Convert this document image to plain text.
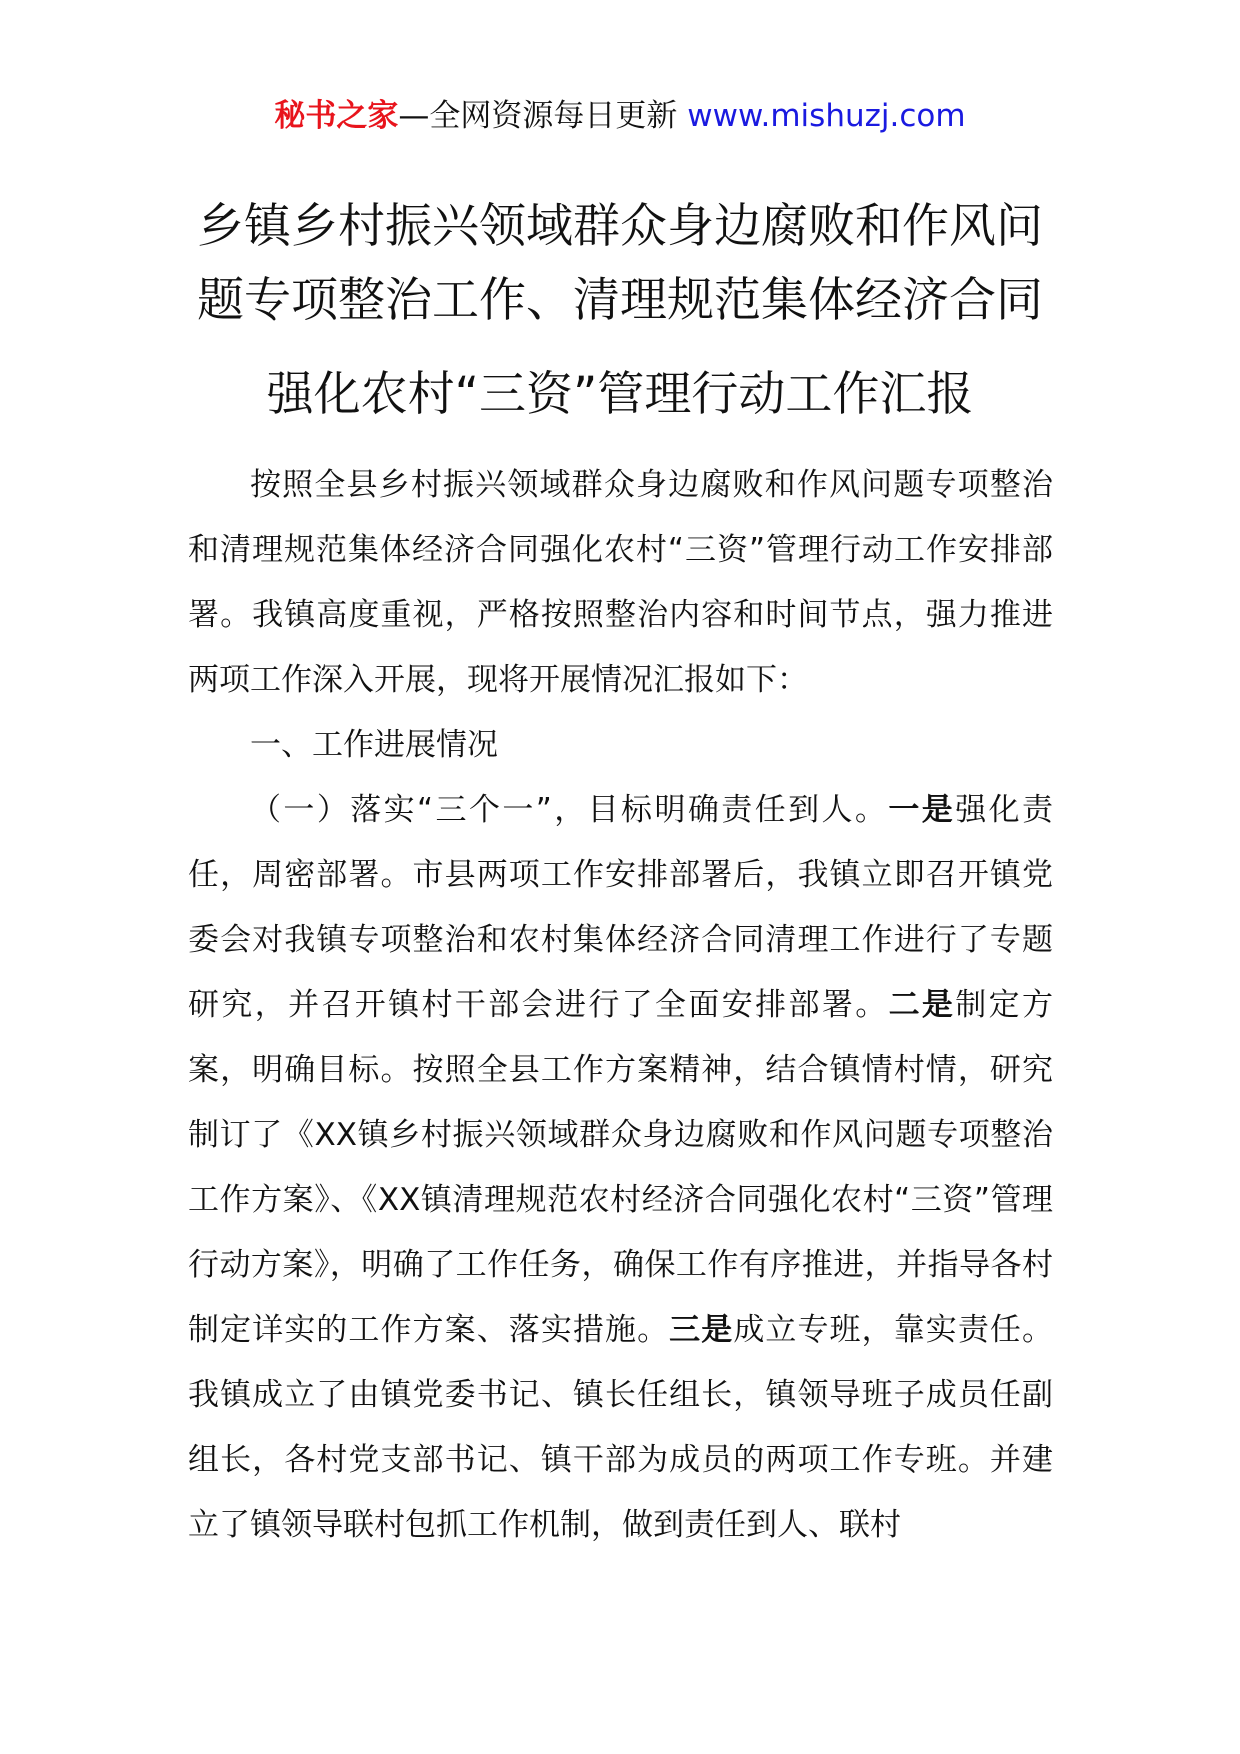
秘书之家—全网资源每日更新 www.mishuzj.com
乡镇乡村振兴领域群众身边腐败和作风问
题专项整治工作、清理规范集体经济合同
强化农村“三资”管理行动工作汇报

按照全县乡村振兴领域群众身边腐败和作风问题专项整治和清理规范集体经济合同强化农村“三资”管理行动工作安排部署。我镇高度重视，严格按照整治内容和时间节点，强力推进两项工作深入开展，现将开展情况汇报如下：

一、工作进展情况

（一）落实“三个一”，目标明确责任到人。一是强化责任，周密部署。市县两项工作安排部署后，我镇立即召开镇党委会对我镇专项整治和农村集体经济合同清理工作进行了专题研究，并召开镇村干部会进行了全面安排部署。二是制定方案，明确目标。按照全县工作方案精神，结合镇情村情，研究制订了《XX镇乡村振兴领域群众身边腐败和作风问题专项整治工作方案》、《XX镇清理规范农村经济合同强化农村“三资”管理行动方案》，明确了工作任务，确保工作有序推进，并指导各村制定详实的工作方案、落实措施。三是成立专班，靠实责任。我镇成立了由镇党委书记、镇长任组长，镇领导班子成员任副组长，各村党支部书记、镇干部为成员的两项工作专班。并建立了镇领导联村包抓工作机制，做到责任到人、联村
